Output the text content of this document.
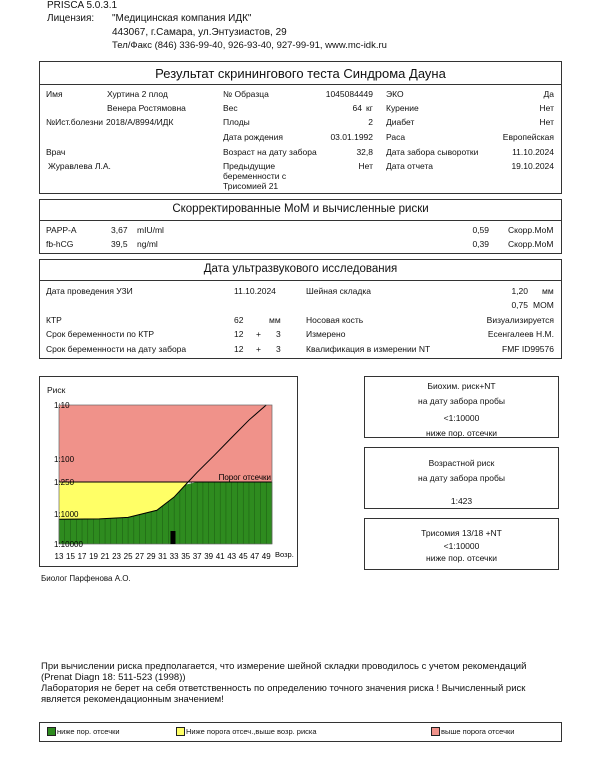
PRISCA 5.0.3.1
Лицензия: "Медицинская компания ИДК"
443067, г.Самара, ул.Энтузиастов, 29
Тел/Факс (846) 336-99-40, 926-93-40, 927-99-91, www.mc-idk.ru
Результат скринингового теста Синдрома Дауна
Имя	Хуртина 2 плод
Венера Ростямовна
№ Образца	1045084449 ЭКО	Да
Вес	64 кг Курение	Нет
№Ист.болезни 2018/А/8994/ИДК	Плоды	2 Диабет	Нет
Дата рождения	03.01.1992 Раса	Европейская
Врач	Возраст на дату забора	32,8 Дата забора сыворотки	11.10.2024
Журавлева Л.А.	Предыдущие
беременности с
Трисомией 21
Нет Дата отчета	19.10.2024
Скорректированные МоМ и вычисленные риски
PAPP-A	3,67 mIU/ml	0,59 Скорр.МоМ
fb-hCG	39,5 ng/ml	0,39 Скорр.МоМ
Дата ультразвукового исследования
Дата проведения УЗИ	11.10.2024	Шейная складка	1,20 мм
0,75 MOM
КТР	62	мм	Носовая кость	Визуализируется
Срок беременности по КТР	12 + 3	Измерено	Есенгалеев Н.М.
Срок беременности на дату забора	12 + 3	Квалификация в измерении NT	FMF ID99576
Риск
Порог отсечки
1:10
1:100
1:250
1:1000
1:10000
13 15 17 19 21 23 25 27 29 31 33 35 37 39 41 43 45 47 49 Возр.
Биохим. риск+NT
на дату забора пробы
<1:10000
ниже пор. отсечки
Возрастной риск
на дату забора пробы
1:423
Трисомия 13/18 +NT
<1:10000
ниже пор. отсечки
Биолог Парфенова А.О.
При вычислении риска предполагается, что измерение шейной складки проводилось с учетом рекомендаций
(Prenat Diagn 18: 511-523 (1998))
Лаборатория не берет на себя ответственность по определению точного значения риска ! Вычисленный риск
является рекомендационным значением!
ниже пор. отсечки	Ниже порога отсеч.,выше возр. риска	выше порога отсечки
